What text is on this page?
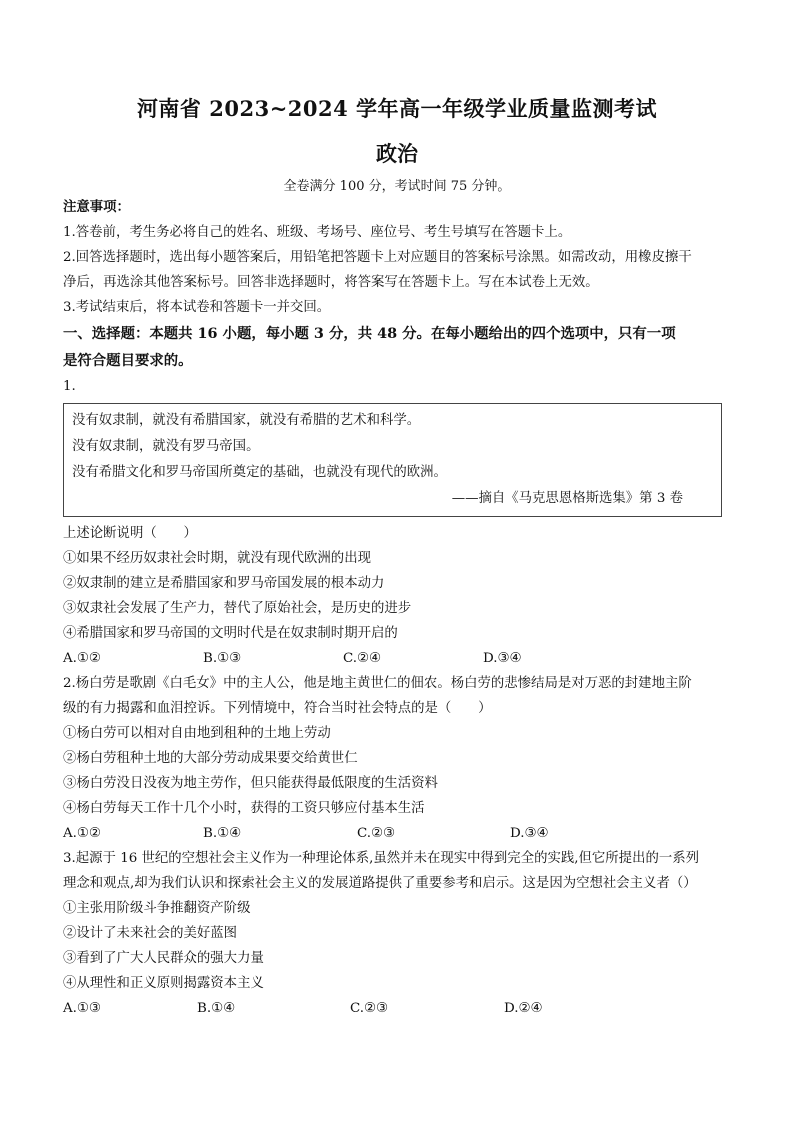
河南省 2023~2024 学年高一年级学业质量监测考试
政治
全卷满分 100 分，考试时间 75 分钟。
注意事项：
1.答卷前，考生务必将自己的姓名、班级、考场号、座位号、考生号填写在答题卡上。
2.回答选择题时，选出每小题答案后，用铅笔把答题卡上对应题目的答案标号涂黑。如需改动，用橡皮擦干
净后，再选涂其他答案标号。回答非选择题时，将答案写在答题卡上。写在本试卷上无效。
3.考试结束后，将本试卷和答题卡一并交回。
一、选择题：本题共 16 小题，每小题 3 分，共 48 分。在每小题给出的四个选项中，只有一项
是符合题目要求的。
1.
没有奴隶制，就没有希腊国家，就没有希腊的艺术和科学。
没有奴隶制，就没有罗马帝国。
没有希腊文化和罗马帝国所奠定的基础，也就没有现代的欧洲。
——摘自《马克思恩格斯选集》第 3 卷
上述论断说明（　　）
①如果不经历奴隶社会时期，就没有现代欧洲的出现
②奴隶制的建立是希腊国家和罗马帝国发展的根本动力
③奴隶社会发展了生产力，替代了原始社会，是历史的进步
④希腊国家和罗马帝国的文明时代是在奴隶制时期开启的
A.①②	B.①③	C.②④	D.③④
2.杨白劳是歌剧《白毛女》中的主人公，他是地主黄世仁的佃农。杨白劳的悲惨结局是对万恶的封建地主阶
级的有力揭露和血泪控诉。下列情境中，符合当时社会特点的是（　　）
①杨白劳可以相对自由地到租种的土地上劳动
②杨白劳租种土地的大部分劳动成果要交给黄世仁
③杨白劳没日没夜为地主劳作，但只能获得最低限度的生活资料
④杨白劳每天工作十几个小时，获得的工资只够应付基本生活
A.①②	B.①④	C.②③	D.③④
3.起源于 16 世纪的空想社会主义作为一种理论体系,虽然并未在现实中得到完全的实践,但它所提出的一系列
理念和观点,却为我们认识和探索社会主义的发展道路提供了重要参考和启示。这是因为空想社会主义者（）
①主张用阶级斗争推翻资产阶级
②设计了未来社会的美好蓝图
③看到了广大人民群众的强大力量
④从理性和正义原则揭露资本主义
A.①③	B.①④	C.②③	D.②④
